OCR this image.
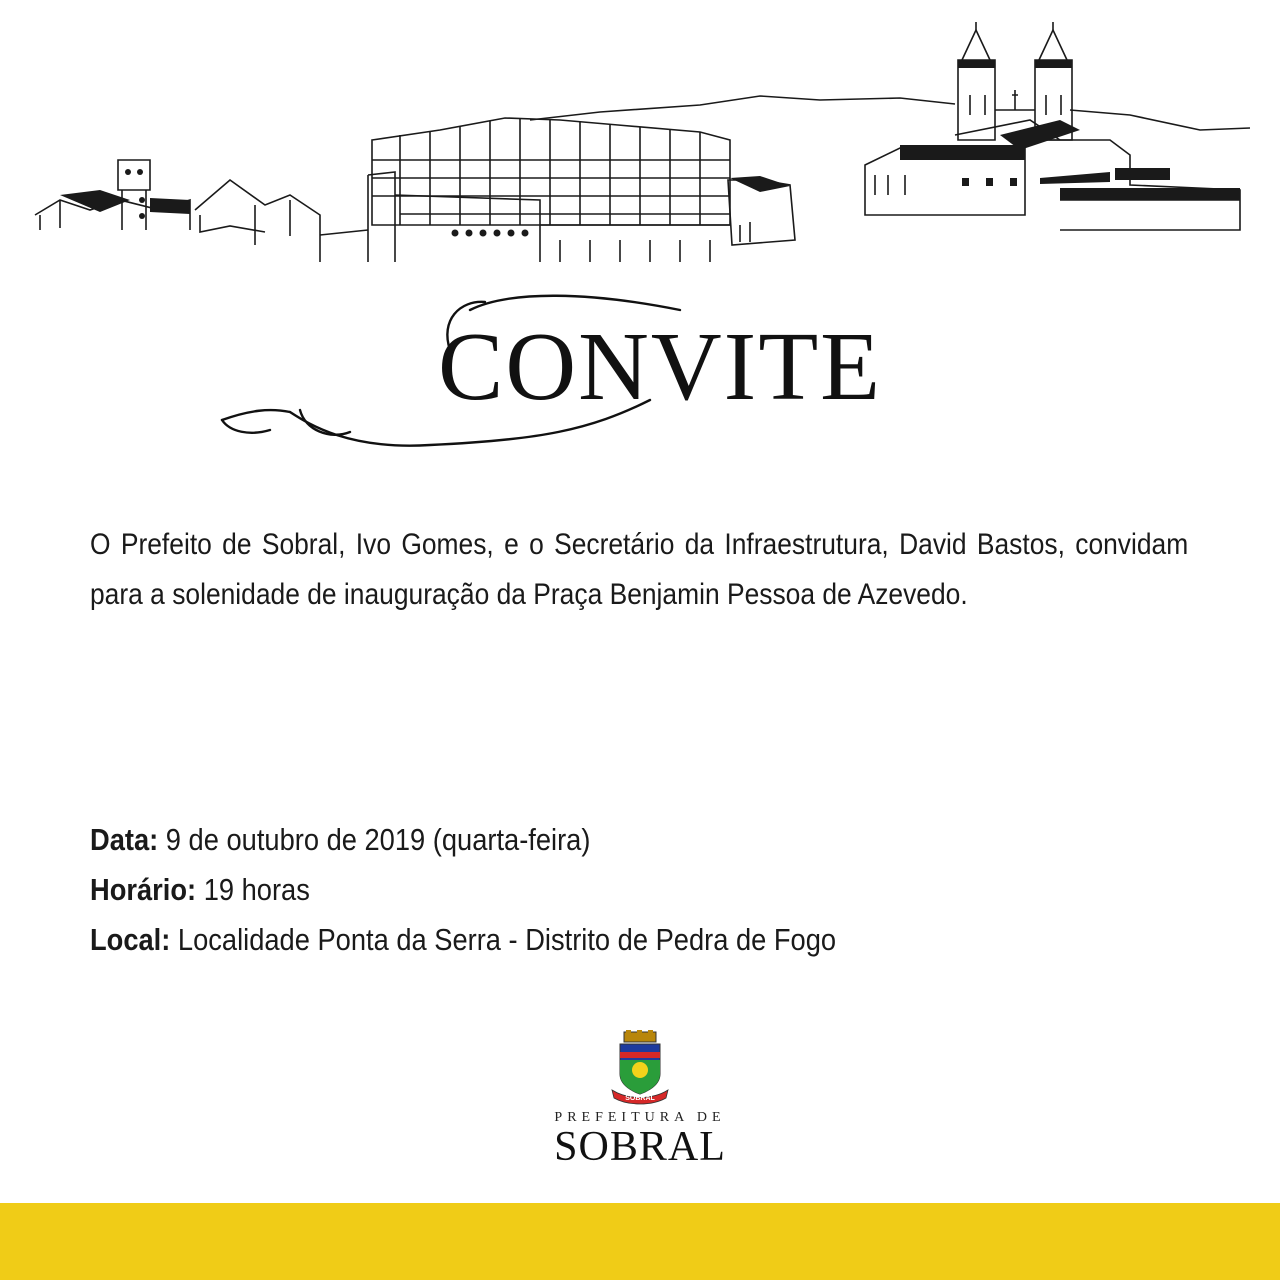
CONVITE
O Prefeito de Sobral, Ivo Gomes, e o Secretário da Infraestrutura, David Bastos, convidam para a solenidade de inauguração da Praça Benjamin Pessoa de Azevedo.
Data: 9 de outubro de 2019 (quarta-feira)
Horário: 19 horas
Local: Localidade Ponta da Serra - Distrito de Pedra de Fogo
SOBRAL
PREFEITURA DE
SOBRAL
